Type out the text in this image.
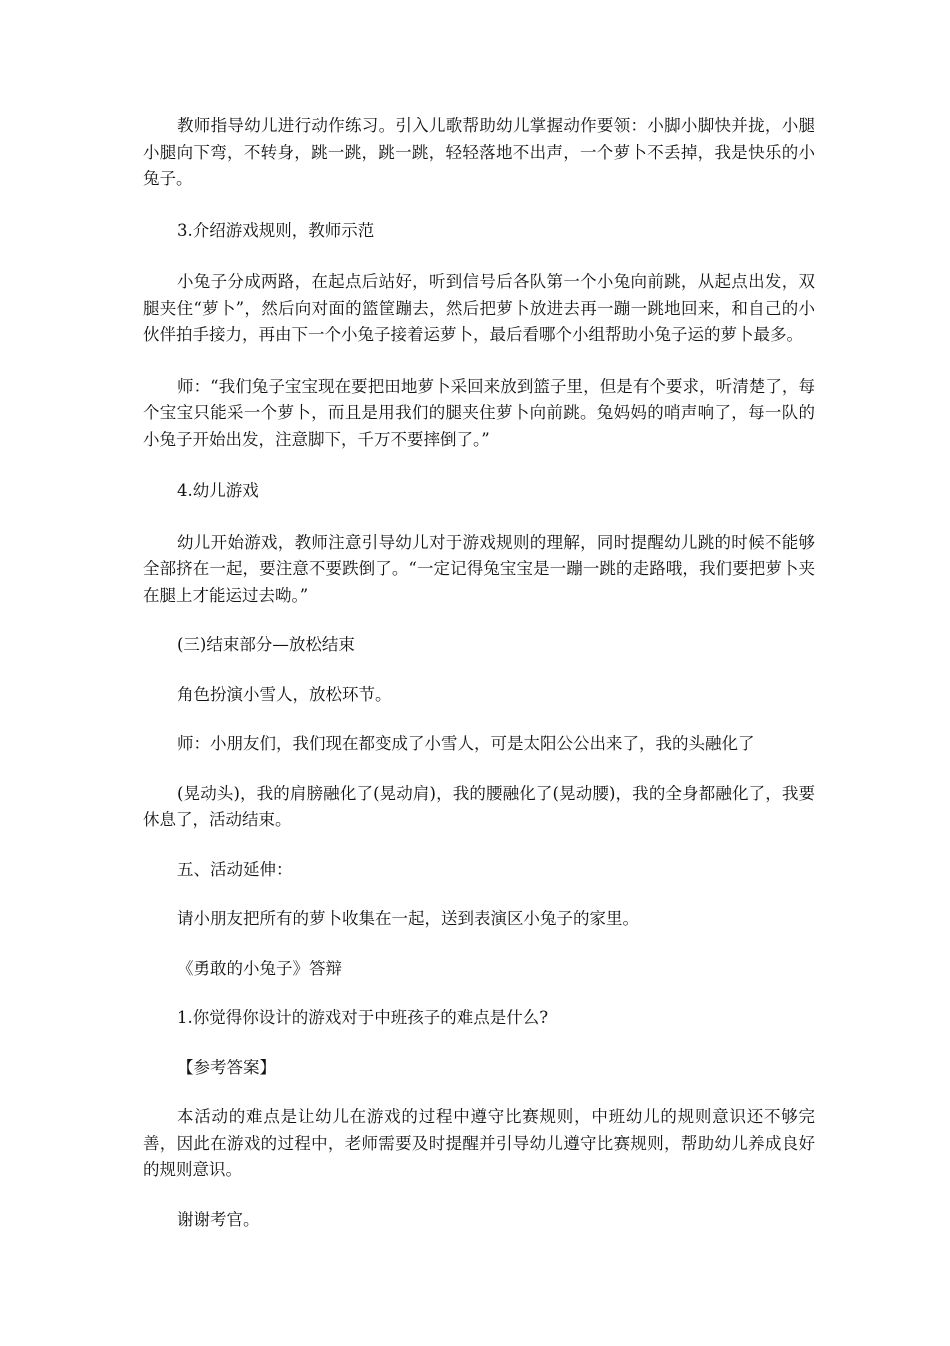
教师指导幼儿进行动作练习。引入儿歌帮助幼儿掌握动作要领：小脚小脚快并拢，小腿小腿向下弯，不转身，跳一跳，跳一跳，轻轻落地不出声，一个萝卜不丢掉，我是快乐的小兔子。

3.介绍游戏规则，教师示范

小兔子分成两路，在起点后站好，听到信号后各队第一个小兔向前跳，从起点出发，双腿夹住“萝卜”，然后向对面的篮筐蹦去，然后把萝卜放进去再一蹦一跳地回来，和自己的小伙伴拍手接力，再由下一个小兔子接着运萝卜，最后看哪个小组帮助小兔子运的萝卜最多。

师：“我们兔子宝宝现在要把田地萝卜采回来放到篮子里，但是有个要求，听清楚了，每个宝宝只能采一个萝卜，而且是用我们的腿夹住萝卜向前跳。兔妈妈的哨声响了，每一队的小兔子开始出发，注意脚下，千万不要摔倒了。”

4.幼儿游戏

幼儿开始游戏，教师注意引导幼儿对于游戏规则的理解，同时提醒幼儿跳的时候不能够全部挤在一起，要注意不要跌倒了。“一定记得兔宝宝是一蹦一跳的走路哦，我们要把萝卜夹在腿上才能运过去呦。”

(三)结束部分—放松结束

角色扮演小雪人，放松环节。

师：小朋友们，我们现在都变成了小雪人，可是太阳公公出来了，我的头融化了

(晃动头)，我的肩膀融化了(晃动肩)，我的腰融化了(晃动腰)，我的全身都融化了，我要休息了，活动结束。

五、活动延伸：

请小朋友把所有的萝卜收集在一起，送到表演区小兔子的家里。

《勇敢的小兔子》答辩

1.你觉得你设计的游戏对于中班孩子的难点是什么?

【参考答案】

本活动的难点是让幼儿在游戏的过程中遵守比赛规则，中班幼儿的规则意识还不够完善，因此在游戏的过程中，老师需要及时提醒并引导幼儿遵守比赛规则，帮助幼儿养成良好的规则意识。

谢谢考官。
